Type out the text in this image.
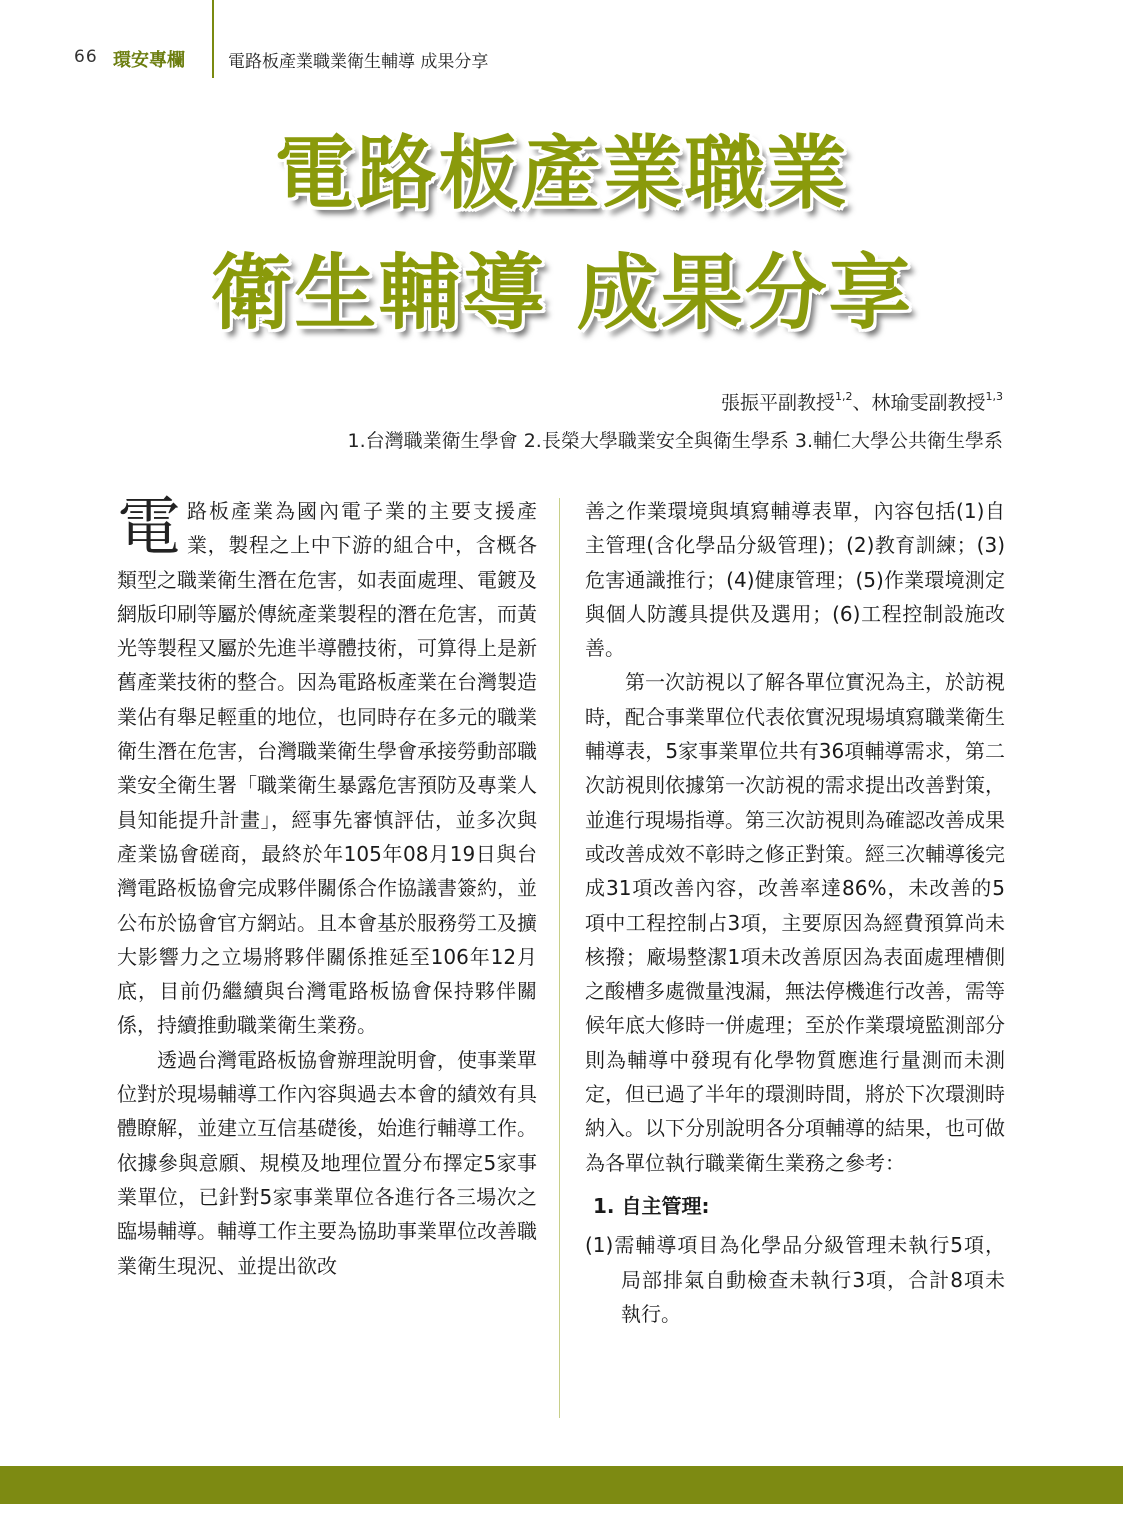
66 環安專欄	電路板產業職業衛生輔導 成果分享
電路板產業職業
衛生輔導 成果分享
張振平副教授$^{1,2}$、林瑜雯副教授$^{1,3}$
1.台灣職業衛生學會 2.長榮大學職業安全與衛生學系 3.輔仁大學公共衛生學系

電路板產業為國內電子業的主要支援產業，製程之上中下游的組合中，含概各類型之職業衛生潛在危害，如表面處理、電鍍及網版印刷等屬於傳統產業製程的潛在危害，而黃光等製程又屬於先進半導體技術，可算得上是新舊產業技術的整合。因為電路板產業在台灣製造業佔有舉足輕重的地位，也同時存在多元的職業衛生潛在危害，台灣職業衛生學會承接勞動部職業安全衛生署「職業衛生暴露危害預防及專業人員知能提升計畫」，經事先審慎評估，並多次與產業協會磋商，最終於年105年08月19日與台灣電路板協會完成夥伴關係合作協議書簽約，並公布於協會官方網站。且本會基於服務勞工及擴大影響力之立場將夥伴關係推延至106年12月底，目前仍繼續與台灣電路板協會保持夥伴關係，持續推動職業衛生業務。

透過台灣電路板協會辦理說明會，使事業單位對於現場輔導工作內容與過去本會的績效有具體瞭解，並建立互信基礎後，始進行輔導工作。依據參與意願、規模及地理位置分布擇定5家事業單位，已針對5家事業單位各進行各三場次之臨場輔導。輔導工作主要為協助事業單位改善職業衛生現況、並提出欲改

善之作業環境與填寫輔導表單，內容包括(1)自主管理(含化學品分級管理)；(2)教育訓練；(3)危害通識推行；(4)健康管理；(5)作業環境測定與個人防護具提供及選用；(6)工程控制設施改善。

第一次訪視以了解各單位實況為主，於訪視時，配合事業單位代表依實況現場填寫職業衛生輔導表，5家事業單位共有36項輔導需求，第二次訪視則依據第一次訪視的需求提出改善對策，並進行現場指導。第三次訪視則為確認改善成果或改善成效不彰時之修正對策。經三次輔導後完成31項改善內容，改善率達86%，未改善的5項中工程控制占3項，主要原因為經費預算尚未核撥；廠場整潔1項未改善原因為表面處理槽側之酸槽多處微量洩漏，無法停機進行改善，需等候年底大修時一併處理；至於作業環境監測部分則為輔導中發現有化學物質應進行量測而未測定，但已過了半年的環測時間，將於下次環測時納入。以下分別說明各分項輔導的結果，也可做為各單位執行職業衛生業務之參考：

1. 自主管理:

(1)需輔導項目為化學品分級管理未執行5項，局部排氣自動檢查未執行3項，合計8項未執行。
